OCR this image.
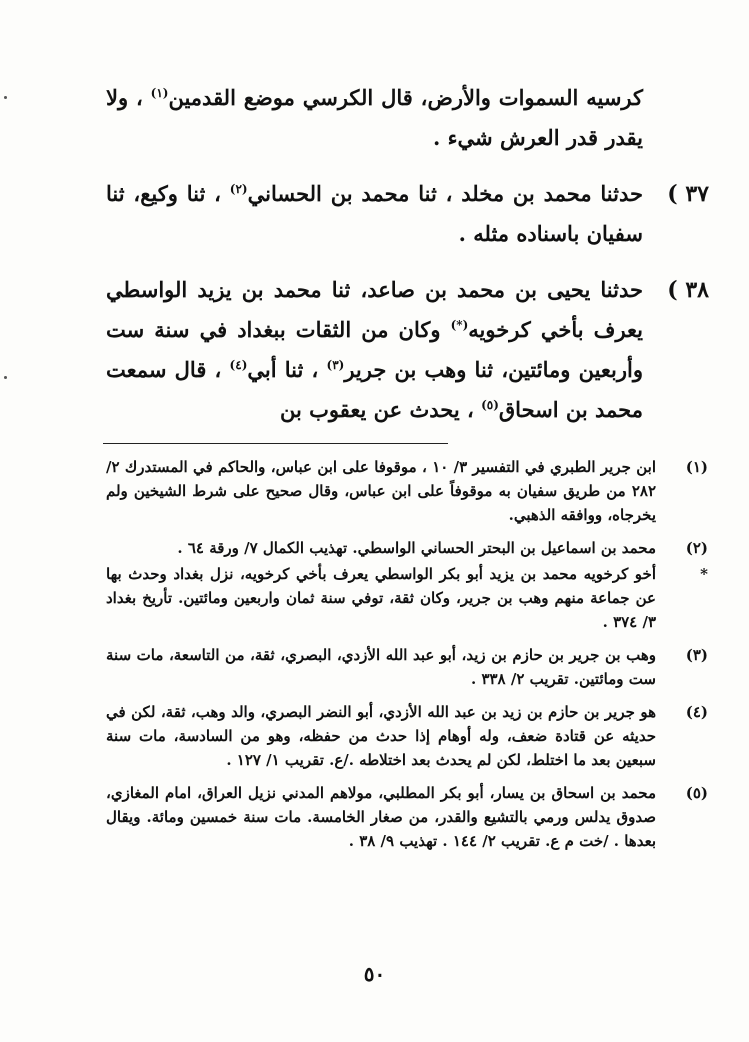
كرسيه السموات والأرض، قال الكرسي موضع القدمين$^{(١)}$ ، ولا يقدر قدر العرش شيء .
٣٧ )
حدثنا محمد بن مخلد ، ثنا محمد بن الحساني$^{(٢)}$ ، ثنا وكيع، ثنا سفيان باسناده مثله .
٣٨ )
حدثنا يحيى بن محمد بن صاعد، ثنا محمد بن يزيد الواسطي يعرف بأخي كرخويه(*) وكان من الثقات ببغداد في سنة ست وأربعين ومائتين، ثنا وهب بن جرير$^{(٣)}$ ، ثنا أبي$^{(٤)}$ ، قال سمعت محمد بن اسحاق$^{(٥)}$ ، يحدث عن يعقوب بن
(١)
ابن جرير الطبري في التفسير ٣/ ١٠ ، موقوفا على ابن عباس، والحاكم في المستدرك ٢/ ٢٨٢ من طريق سفيان به موقوفاً على ابن عباس، وقال صحيح على شرط الشيخين ولم يخرجاه، ووافقه الذهبي.
(٢)
محمد بن اسماعيل بن البحتر الحساني الواسطي. تهذيب الكمال ٧/ ورقة ٦٤ .
*
أخو كرخويه محمد بن يزيد أبو بكر الواسطي يعرف بأخي كرخويه، نزل بغداد وحدث بها عن جماعة منهم وهب بن جرير، وكان ثقة، توفي سنة ثمان واربعين ومائتين. تأريخ بغداد ٣/ ٣٧٤ .
(٣)
وهب بن جرير بن حازم بن زيد، أبو عبد الله الأزدي، البصري، ثقة، من التاسعة، مات سنة ست ومائتين. تقريب ٢/ ٣٣٨ .
(٤)
هو جرير بن حازم بن زيد بن عبد الله الأزدي، أبو النضر البصري، والد وهب، ثقة، لكن في حديثه عن قتادة ضعف، وله أوهام إذا حدث من حفظه، وهو من السادسة، مات سنة سبعين بعد ما اختلط، لكن لم يحدث بعد اختلاطه ./ع. تقريب ١/ ١٢٧ .
(٥)
محمد بن اسحاق بن يسار، أبو بكر المطلبي، مولاهم المدني نزيل العراق، امام المغازي، صدوق يدلس ورمي بالتشيع والقدر، من صغار الخامسة. مات سنة خمسين ومائة. ويقال بعدها . /خت م ع. تقريب ٢/ ١٤٤ . تهذيب ٩/ ٣٨ .
٥٠
